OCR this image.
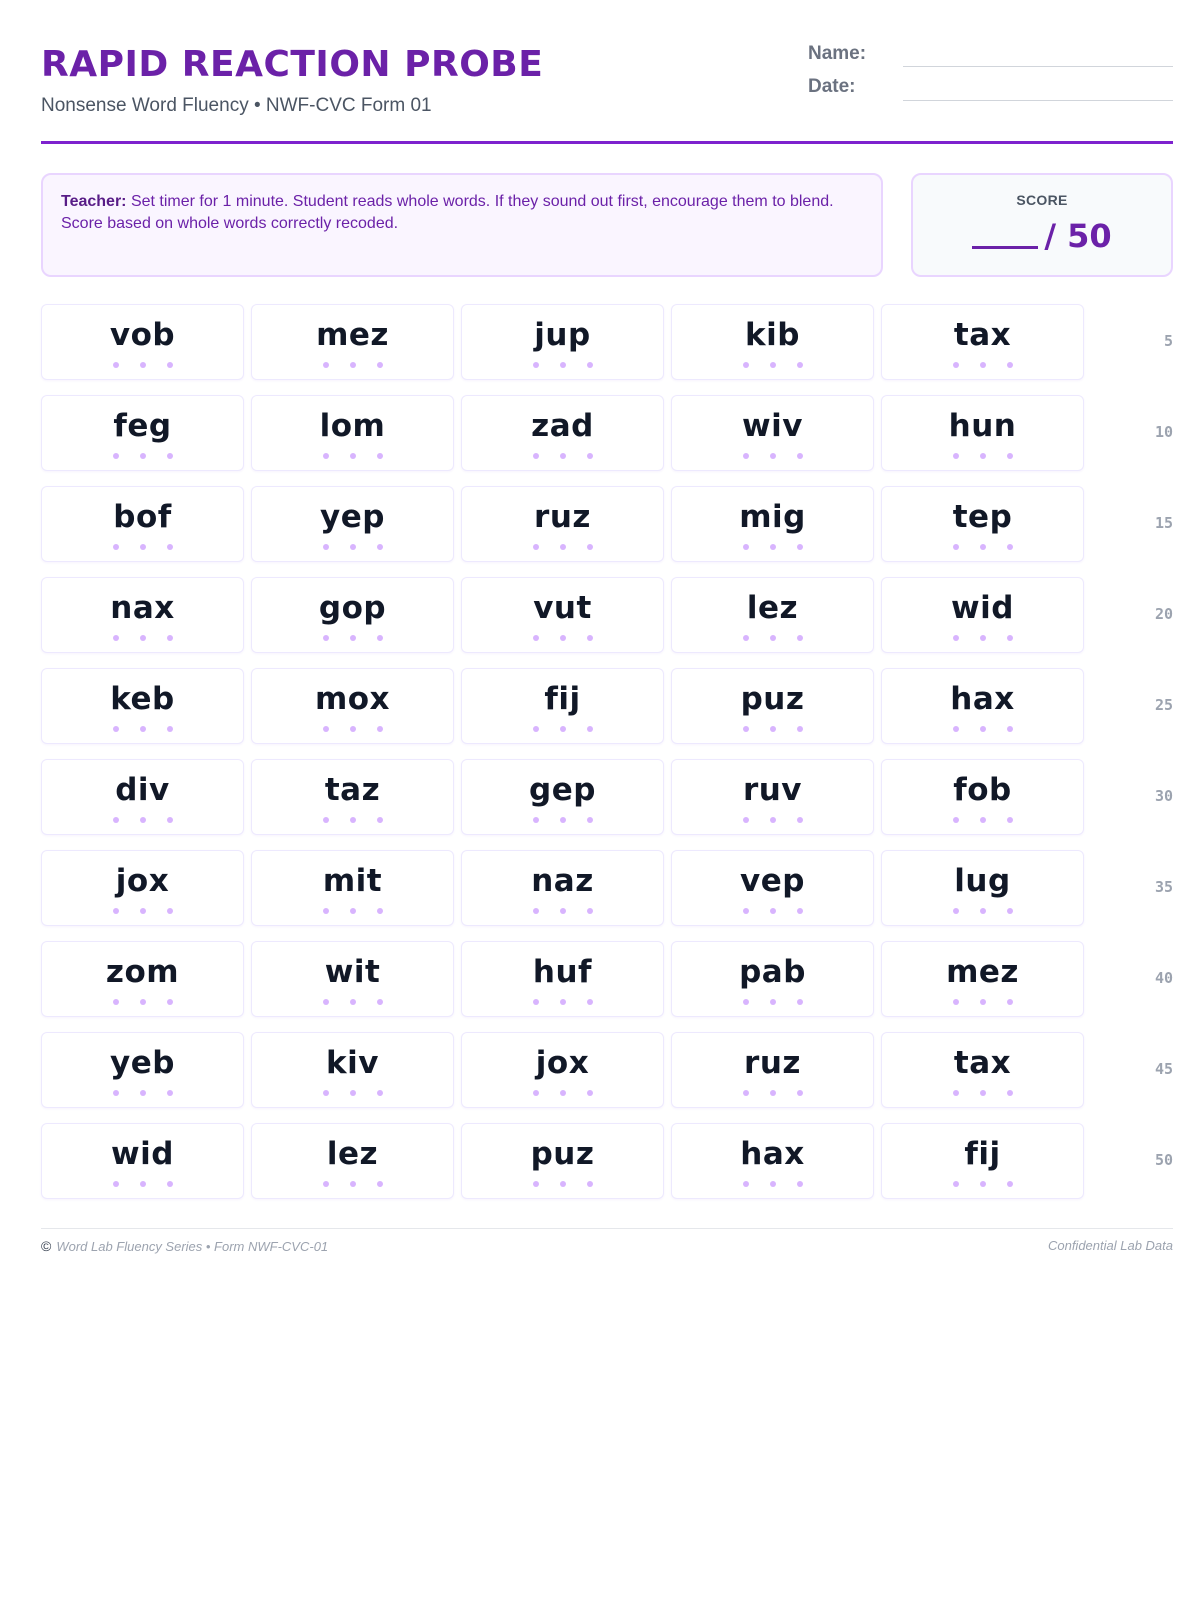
RAPID REACTION PROBE
Nonsense Word Fluency • NWF-CVC Form 01
Name:
Date:
Teacher: Set timer for 1 minute. Student reads whole words. If they sound out first, encourage them to blend. Score based on whole words correctly recoded.
SCORE
/ 50
vob	mez	jup	kib	tax	5
feg	lom	zad	wiv	hun	10
bof	yep	ruz	mig	tep	15
nax	gop	vut	lez	wid	20
keb	mox	fij	puz	hax	25
div	taz	gep	ruv	fob	30
jox	mit	naz	vep	lug	35
zom	wit	huf	pab	mez	40
yeb	kiv	jox	ruz	tax	45
wid	lez	puz	hax	fij	50
© Word Lab Fluency Series • Form NWF-CVC-01	Confidential Lab Data
